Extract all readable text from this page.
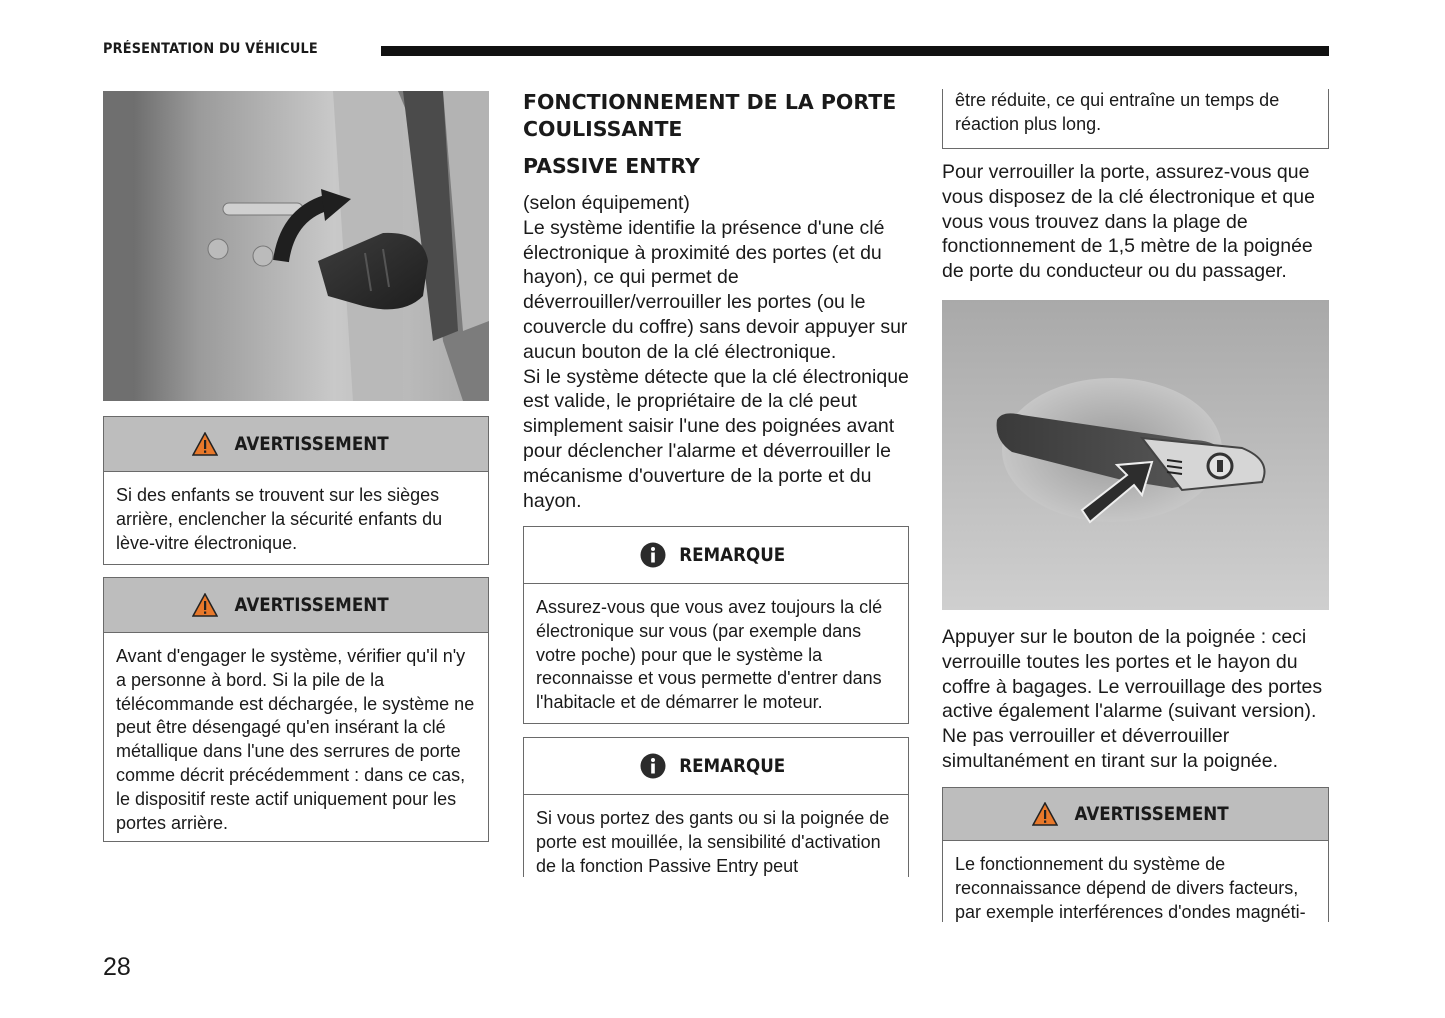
PRÉSENTATION DU VÉHICULE
AVERTISSEMENT
Si des enfants se trouvent sur les sièges arrière, enclencher la sécurité enfants du lève-vitre électronique.
AVERTISSEMENT
Avant d'engager le système, vérifier qu'il n'y a personne à bord. Si la pile de la télécommande est déchargée, le système ne peut être désengagé qu'en insérant la clé métallique dans l'une des serrures de porte comme décrit précédemment : dans ce cas, le dispositif reste actif uniquement pour les portes arrière.
FONCTIONNEMENT DE LA PORTE COULISSANTE
PASSIVE ENTRY
(selon équipement)
Le système identifie la présence d'une clé électronique à proximité des portes (et du hayon), ce qui permet de déverrouiller/verrouiller les portes (ou le couvercle du coffre) sans devoir appuyer sur aucun bouton de la clé électronique.
Si le système détecte que la clé électronique est valide, le propriétaire de la clé peut simplement saisir l'une des poignées avant pour déclencher l'alarme et déverrouiller le mécanisme d'ouverture de la porte et du hayon.
REMARQUE
Assurez-vous que vous avez toujours la clé électronique sur vous (par exemple dans votre poche) pour que le système la reconnaisse et vous permette d'entrer dans l'habitacle et de démarrer le moteur.
REMARQUE
Si vous portez des gants ou si la poignée de porte est mouillée, la sensibilité d'activation de la fonction Passive Entry peut
être réduite, ce qui entraîne un temps de réaction plus long.
Pour verrouiller la porte, assurez-vous que vous disposez de la clé électronique et que vous vous trouvez dans la plage de fonctionnement de 1,5 mètre de la poignée de porte du conducteur ou du passager.
Appuyer sur le bouton de la poignée : ceci verrouille toutes les portes et le hayon du coffre à bagages. Le verrouillage des portes active également l'alarme (suivant version). Ne pas verrouiller et déverrouiller simultanément en tirant sur la poignée.
AVERTISSEMENT
Le fonctionnement du système de reconnaissance dépend de divers facteurs, par exemple interférences d'ondes magnéti-
28
